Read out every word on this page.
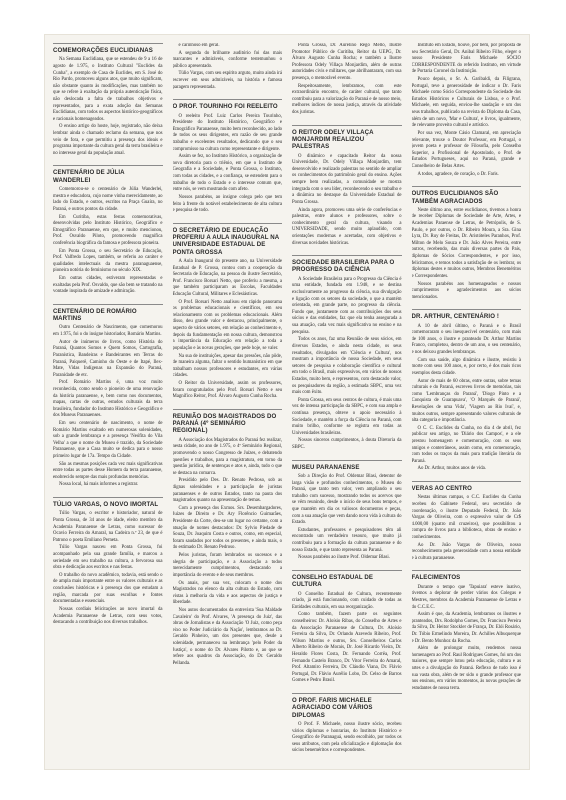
COMEMORAÇÕES EUCLIDIANAS

Na Semana Euclidiana, que se estendeu de 9 a 16 de agosto de 1.975, o Instituto Cultural "Euclides da Cunha", a exemplo de Casa de Euclides, em S. José do Rio Pardo, promoveu alguns atos, que muito significam, não obstante quanto às modificações, mas também no que se refere à exaltação da própria autenticação física, não deslocada a falta de trabalhos objetivos e representados, para a exata adoção das Semanas Euclidianas, com todos os aspectos histórico-geográficos e racionais homenageados.

O ensino artigo do hoste, hoje, registrado, não deixa lembrar ainda o chamado reclamo da semana, que nos veio de fora, e que permitiu a presença dos ideais e programa importante da cultura geral da terra brasileira e no interesse geral da população atual.

CENTENÁRIO DE JÚLIA WANDERLEI

Comemorou-se o centenário de Júlia Wanderlei, mestra e educadora, cujo nome vinha merecidamente, ao lado do Estado, e outros, escritos na Praça Guaíra, no Paraná, e outros pontos da cidade.

Em Curitiba, estas festas comemorativas, desenvolvidas pelo Instituto Histórico, Geográfico e Etnográfico Paranaense, em que, e muito mencionou, Prof. Osvaldo Piloto, promovendo magnífica conferência biográfica da famosa e professora pioneira.

Em Ponta Grossa, o seu Secretário de Educação, Prof. Valfredo Lopes, também, se referiu ao caráter e qualidades intelectuais da mestra paranaguaense, pioneira notória do feminismo no século XIX.

Em outras cidades, estiveram representadas e exaltadas pela Prof. Osvaldo, que são bem se tratando na vontade inspirada de amizade e admiração.

CENTENÁRIO DE ROMÁRIO MARTINS

Outro Centenário de Nascimento, que comemorou em 1.975, foi o do insigne historiador, Romário Martins.

Autor de inúmeros de livros, como História do Paraná, Quantos Somos e Quem Somos, Cartografia, Paranística, Bandeiras e Bandeirantes em Terras do Paraná, Paiquerê, Caminho do Oeste e de Itapé, Ilex-Mate, Vidas Indígenas na Expansão do Paraná, Paranidade de etc.

Prof. Romário Martins é, uma voz muito reconhecida, como sendo o pioneiro de uma renovação da história paranaense, e, bem como nos documentos, mapas, cartas de outras, estudos culturais da terra brasileira, fundador do Instituto Histórico e Geográfico e dos Museus Paranaenses.

Em seu centenário de nascimento, o nome de Romário Martins exaltado em numerosas solenidades, sob a grande lembrança e a presença 'Neófita do Vila Velha' a que o nome do Museu é trazido, da Sociedade Paranaense, que a Casa muito se dedica para o nosso primeiro lugar de 17a. Tempo da Cidade.

São as mesmas posições cada vez mais significativas entre todas as partes desse Homem da terra paranaense, enobrecido sempre das mais profundas memórias.

Nossa local, há mais informes a registrar.

TÚLIO VARGAS, O NOVO IMORTAL

Túlio Vargas, o escritor e historiador, natural de Ponta Grossa, de 34 anos de idade, eleito membro da Academia Paranaense de Letras, como sucessor de Ocavio Ferreira do Amaral, na Cadeira n.º 23, de que é Patrono o poeta Emiliano Perneta.

Túlio Vargas nasceu em Ponta Grossa, foi acompanhado pela sua grande família, e marcou a seriedade em seu trabalho na cultura, a fervorosa sua obra e dedicação aos escritos e nas festas.

O trabalho do novo acadêmico, todavia, está sendo o de ampla mais importante entre os valores culturais e as conclusões históricas e à presença dos que estudam a região, marcada por suas escolhas e fontes documentadas e essenciais.

Nossas cordiais felicitações ao novo imortal da Academia Paranaense de Letras, com seus votos, destacando a contribuição nos diversos trabalhos.

e carinhoso em geral.

A segunda do brilhante auditório foi das mais marcantes e admiráveis, conforme testemunhou o público apresentado.

Túlio Vargas, com seu espírito arguto, muito ainda irá escrever em seus admiráveis, na história e famosa paragem representada.

O PROF. TOURINHO FOI REELEITO

O reeleito Prof. Luiz Carlos Pereira Tourinho, Presidente do Instituto Histórico, Geográfico e Etnográfico Paranaense, muito bem reconhecido, ao lado de todos os seus dirigentes, em razão de seu grande trabalho e excelentes resultados, dedicando que o seu compromisso na cultura como representante e dirigente.

Assim se fez, no Instituto Histórico, a organização de nova diretoria para o triênio, em que o Instituto de Geografia e a Sociedade, e Ponta Grossa, o Instituto, com todas as cidades, e a confiança, se estendem para o trabalho de todo o Estado e o interesse comum que, entre nós, se vem mostrando com afeto.

Nossos parabéns, ao insigne colega pelo que tem feito à frente do notável estabelecimento de alta cultura e pesquisa de todo.

O SECRETÁRIO DE EDUCAÇÃO PROFERIU A AULA INAUGURAL NA UNIVERSIDADE ESTADUAL DE PONTA GROSSA

A Aula Inaugural do presente ano, na Universidade Estadual de P. Grossa, contou com a cooperação da Secretaria de Educação, na pessoa do ilustre Secretário, Prof. Francisco Borsari Netto, que proferiu a mesma, a que também participaram as Escolas, Faculdades Educação Cultural, Militares e Eclesiásticas.

O Prof. Borsari Netto analisou em rápido panorama os problemas educacionais e científicos, em seu relacionamento com os problemas educacionais. Além disso, deu grande valor e destacou, principalmente, o aspecto de vários setores, em relação ao conhecimento e, depois da fundamentação em nossa cultura, demonstrou a importância da Educação em relação a toda a população e às novas gerações, que pede hoje, se valer.

Na sua de instituições, apesar das pressões, não pôde, de maneira alguma, faltar o sentido humanístico em que trabalham nossos professores e estudantes, em várias cidades.

O Reitor da Universidade, assim os professores, foram congratulados pelo Prof. Borsari Netto e seu Magnífico Reitor, Prof. Álvaro Augusto Cunha Rocha.

REUNIÃO DOS MAGISTRADOS DO PARANÁ (4º SEMINÁRIO REGIONAL)

A Associação dos Magistrados do Paraná fez realizar, nesta cidade, no ano de 1.975, o 4º Seminário Regional, promovendo o nosso Congresso de Juízes, e debatendo questões e trabalhos, para a magistratura, em torno da questão jurídica, de sentenças e atos e, ainda, tudo o que se destaca na comarca.

Presidido pelo Des. Dr. Renato Pedroso, sob as dignas solenidades e a participação de juristas paranaenses e de outros Estados, tanto na pauta dos magistrados quanto na apresentação de temas.

Com a presença dos Exmos. Srs. Desembargadores, Juízes de Direito e Dr. Ary Florêncio Guimarães, Presidente da Corte, deu-se um lugar no certame, com a atuação de nomes destacados: Dr. Sylvio Piedade de Souza, Dr. Joaquim Costa e outros, como, em especial, foram saudados por todos os presentes, e ainda mais, o do estimado Dr. Renato Pedroso.

Pelos juristas, foram lembrados os sucessos e a alegria de participação, e a Associação a todos merecidamente cumprimentou, destacando a importância do evento e de seus membros.

Os anais, por sua vez, colocam o nome dos Magistrados no elenco da alta cultura do Estado, com vistas à melhoria da vida e aos aspectos de justiça e liberdade.

Nos autos documentados da entrevista 'Sua Maldade Cavaleiro' do Prof. Alvares, 'A presença do Juiz', das obras de Jornalistas e da Associação 'O Juiz, como peça eixo no Poder Judiciário da Nação', lembramos ao Dr. Geraldo Pinheiro, um dos presentes que, desde a solenidade, permaneceu na lembrança 'pelo Poder da Justiça', o nome do Dr. Alvares Pilotto e, ao que se refere aos quadros da Associação, do Dr. Geraldo Pellanda.

Ponta Grossa, Dr. Aurelino Rego Mello, Ilustre Promotor Público de Curitiba, Reitor da UEPG, Dr. Álvaro Augusto Cunha Rocha; e também a Ilustre Professora Odely Villaça Monjardim, além de outras autoridades civis e militares, que abrilhantaram, com sua presença, o memorável evento.

Respeitosamente, lembramos, com este extraordinário encontro, de caráter cultural, que tanto contribuiu para a valorização do Paraná e de nosso meio, melhores índices de nossa justiça, através da atividade dos juristas.

O REITOR ODELY VILLAÇA MONJARDIM REALIZOU PALESTRAS

O dinâmico e capacitado Reitor da nossa Universidade, Dr. Odely Villaça Monjardim, tem desenvolvido e realizado palestras no sentido de ampliar os conhecimentos do patrimônio geral do ensino. Ações sempre bem realizadas, a comunidade se mostra integrada com o seu líder, reconhecendo o seu trabalho e a dinâmica no destaque da Universidade Estadual de Ponta Grossa.

Ainda agora, promoveu uma série de conferências e palestras, entre alunos e professores, sobre o conhecimento geral da cultura, visando a UNIVERSIDADE, sendo muito aplaudido, com orientações modernas e acertadas, com objetivos e diversas novidades históricas.

SOCIEDADE BRASILEIRA PARA O PROGRESSO DA CIÊNCIA

A Sociedade Brasileira para o Progresso da Ciência é uma entidade, fundada em 1.948, e se destina exclusivamente ao progresso da ciência, sua divulgação e ligação com os setores da sociedade, o que a mantém orientada, em grande parte, no progresso da ciência. Fundo que, juntamente com as contribuições dos seus sócios e das entidades, faz que ela tenha assegurada a sua atuação, cada vez mais significativa no ensino e na pesquisa.

Todos os anos, faz uma Reunião de seus sócios, em diversos Estados, e ainda nesta cidade, os seus resultados, divulgados em 'Ciência e Cultura', nos mostram a importância de nossa Sociedade, em seus setores de pesquisa e colaboração científica e cultural em todo o Brasil, mais expressivos, em vários de nossos Estados, muito bem, e representou, com destacado valor, os pesquisadores da região, a estimada SBPC, uma vez mais com êxito.

Ponta Grossa, em seus centros de cultura, é mais uma vez de intensa participação da SBPC, e com sua ampla e contínua presença, obteve o apoio necessário à Sociedade, e mantém a força da Ciência no Paraná, com muito brilho, conforme se registra em todas as Universidades brasileiras.

Nossos sinceros cumprimentos, à douta Diretoria da SBPC.

MUSEU PARANAENSE

Sob a Direção do Prof. Oldemar Blasi, detentor de larga visão e profundos conhecimentos, o Museu do Paraná, que tanto tem valor, vem ampliando o seu trabalho com sucesso, mostrando todos os acervos que se vêm reunindo, desde o início de seus bons tempos, e que mantém em dia os valiosos documentos e peças, com a sua atuação que vem dando nova vida à cultura do Estado.

Estudantes, professores e pesquisadores têm ali encontrado um verdadeiro tesouro, que muito já contribuiu para a formação da cultura paranaense e do nosso Estado, e que tanto representa ao Paraná.

Nossos parabéns ao ilustre Prof. Oldemar Blasi.

CONSELHO ESTADUAL DE CULTURA

O Conselho Estadual de Cultura, recentemente criado, já está funcionando, com cuidado de todas as Entidades culturais, em sua reorganização.

Como também, fazem parte os seguintes conselheiros: Dr. Aloísio Ribas, do Conselho de Artes e da Associação Paranaense de Cultura, Dr. Aloísio Ferreira da Silva, Dr. Orlando Azevedo Ribeiro, Prof. Wilson Martins e outros, Srs. Conselheiros Carlos Alberto Ribeiro de Morais, Dr. José Ricardo Vieira, Dr. Heraldo Flores Costa, Dr. Fernando Corrêa, Prof. Fernando Castelo Branco, Dr. Vitor Ferreira do Amaral, Prof. Altamiro Ferreira, Dr. Cláudio Viana, Dr. Flávio Portugal, Dr. Flávio Aurélio Lobo, Dr. Celso de Barros Gomes e Pedro Brasil.

O PROF. FARIS MICHAELE AGRACIADO COM VÁRIOS DIPLOMAS

O Prof. F. Michaele, nosso ilustre sócio, recebeu vários diplomas e honrarias, do Instituto Histórico e Geográfico de Paranaguá, sendo escolhido, por todos os seus atributos, com pela oficialização e diplomação dos sócios beneméritos e correspondentes.

Instituto em Estado, houve, por bem, por proposta de seu Secretário Geral, Dr. Anibal Ribeiro Filho, eleger o nosso Presidente Faris Michaele SÓCIO CORRESPONDENTE do referido Instituto, em virtude de Portaria Coronel da Instituição.

Pouco depois, o Sr. A. Garibaldi, da Filigrana, Portugal, teve a generosidade de indicar o Dr. Faris Michaele como Sócio Correspondente da Sociedade dos Estudos Históricos e Culturais de Lisboa, e o Prof. Michaele, em seguida, enviou-lhe saudação e um dos seus trabalhos, publicado na revista do Diploma da Casa, além de um novo, 'Mar e Cultura', e livros, igualmente, de relevante proveito cultural e artístico.

Por sua vez, Monte Cásio Clamaral, em apreciação relevante, trouxe o Doutor Professor, em Portugal, o jovem poeta e professor de Filosofia, pelo Conselho Superior, a Profissional de Apostolado, o Prof. de Estudos Portugueses, aqui no Paraná, grande e Conselheiro de Belas Artes.

A todos, agradece, de coração, o Dr. Faris.

OUTROS EUCLIDIANOS SÃO TAMBÉM AGRACIADOS

Neste último ano, entre euclidianos, tivemos a honra de receber Diplomas de Sociedade de Arte, Artes, e Academias Paraense de Letras, de Petrópolis, de S. Paulo, e por outros, o Dr. Ribeiro Moura, a Sra. Gina Lyra, Dr. Ruy de Freitas, Dr. Aristóteles Paranhos, Prof. Milton de Melo Souza e Dr. João Alves Pereira, entre outros, recebendo, das mais diversas partes do País, diplomas de Sócios Correspondentes, e por isso, felicitamos, e temos todos a satisfação de os lembrar, os diplomas destes e muitos outros, Membros Beneméritos e Correspondentes.

Nossos parabéns aos homenageados e nossos cumprimentos e agradecimentos aos sócios mencionados.

DR. ARTHUR, CENTENÁRIO !

A 10 de abril último, o Paraná e o Brasil comemoraram o seu inesquecível centenário, com mais de 100 anos, o ilustre e pranteado Dr. Arthur Martins Franco, completou, dentro de um ano, o seu centenário, e nos deixou grandes lembranças.

Com sua saúde, algo dinâmica e ilustre, resistiu à morte com seus 100 anos, e, por certo, é dos mais ricos exemplos desta cidade.

Autor de mais de 60 obras, entre outras, sobre temas culturais e do Paraná, escreveu livros de memórias, tais como 'Lembranças do Paraná', 'Diogo Pinto e a Conquista de Guarapuava', 'O Marquês de Paraná', Revelações de uma Vida', 'Viagem ao Rio Ivaí', e, muitos outros, sempre apresentando valores culturais de alta categoria e importância.

O C. C. Euclides da Cunha, no dia 4 de abril, fez publicar seu artigo, no 'Diário dos Campos', e a ele prestou homenagem e comemoração, com os seus amigos e conterrâneos, assim como, em comemoração, com todos os traços da mais pura tradição literária do Paraná.

Ao Dr. Arthur, muitos anos de vida.

VERAS AO CENTRO

Nestas últimas rampas, o C.C. Euclides da Cunha recebeu do Gabinete Federal, seu secretário de coordenação, o ilustre Deputado Federal, Dr. João Vargas de Oliveira, com o expressivo valor de Cr$ 4.000,00 (quatro mil cruzeiros), que possibilitou a compra de livros para a biblioteca, obras de ensino e conhecimentos.

Ao Dr. João Vargas de Oliveira, nosso reconhecimento pela generosidade com a nossa entidade e à cultura paranaense.

FALECIMENTOS

Durante o tempo que 'Tapuiara' esteve inativo, tivemos a deplorar de perder vários dos Colegas e Mestres, membros da Academia Paranaense de Letras e do C.C.E.C.

Assim é que, da Academia, lembramos os ilustres e pranteados, Drs. Rodolpho Gomes, Dr. Francisco Pereira da Silva, Dr. Heitor Stockler de França, Dr. Elói Rosário, Dr. Tóbio Ermelindo Moreira, Dr. Achilles Albuquerque e Dr. Bento Munhoz da Rocha.

Além de prolongar muito, rendemos nossa homenagem ao Prof. Raul Rodrigues Gomes, foi um dos maiores, que sempre lutou pela educação, cultura e as artes e a divulgação do Paraná. Reflexo de tudo isso é sua vasta obra, além de ter sido o grande professor que nos ensinou, em vários momentos, às novas gerações de estudantes de nossa terra.
